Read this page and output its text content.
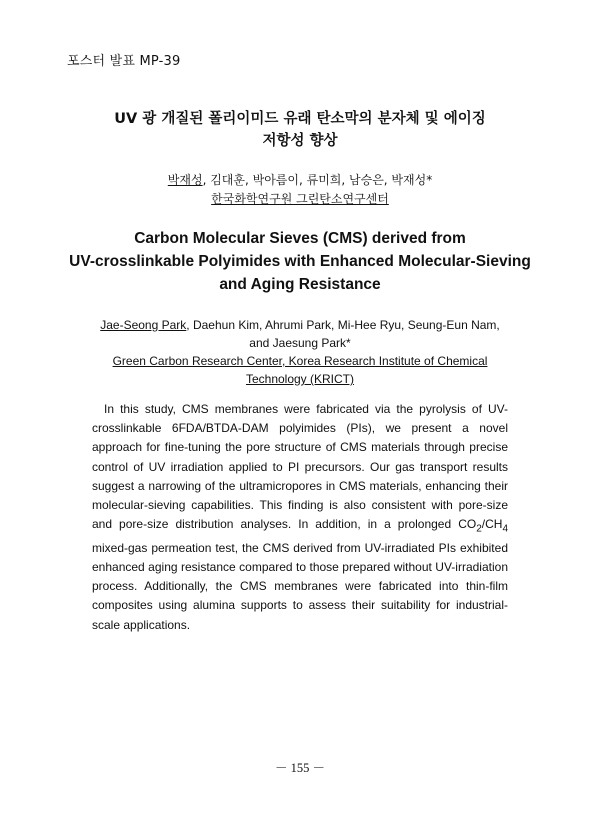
포스터 발표 MP-39
UV 광 개질된 폴리이미드 유래 탄소막의 분자체 및 에이징
저항성 향상
박재성, 김대훈, 박아름이, 류미희, 남승은, 박재성*
한국화학연구원 그린탄소연구센터
Carbon Molecular Sieves (CMS) derived from
UV-crosslinkable Polyimides with Enhanced Molecular-Sieving
and Aging Resistance
Jae-Seong Park, Daehun Kim, Ahrumi Park, Mi-Hee Ryu, Seung-Eun Nam,
and Jaesung Park*
Green Carbon Research Center, Korea Research Institute of Chemical
Technology (KRICT)

In this study, CMS membranes were fabricated via the pyrolysis of UV-crosslinkable 6FDA/BTDA-DAM polyimides (PIs), we present a novel approach for fine-tuning the pore structure of CMS materials through precise control of UV irradiation applied to PI precursors. Our gas transport results suggest a narrowing of the ultramicropores in CMS materials, enhancing their molecular-sieving capabilities. This finding is also consistent with pore-size and pore-size distribution analyses. In addition, in a prolonged $CO_2/CH_4$ mixed-gas permeation test, the CMS derived from UV-irradiated PIs exhibited enhanced aging resistance compared to those prepared without UV-irradiation process. Additionally, the CMS membranes were fabricated into thin-film composites using alumina supports to assess their suitability for industrial-scale applications.

－ 155 －
